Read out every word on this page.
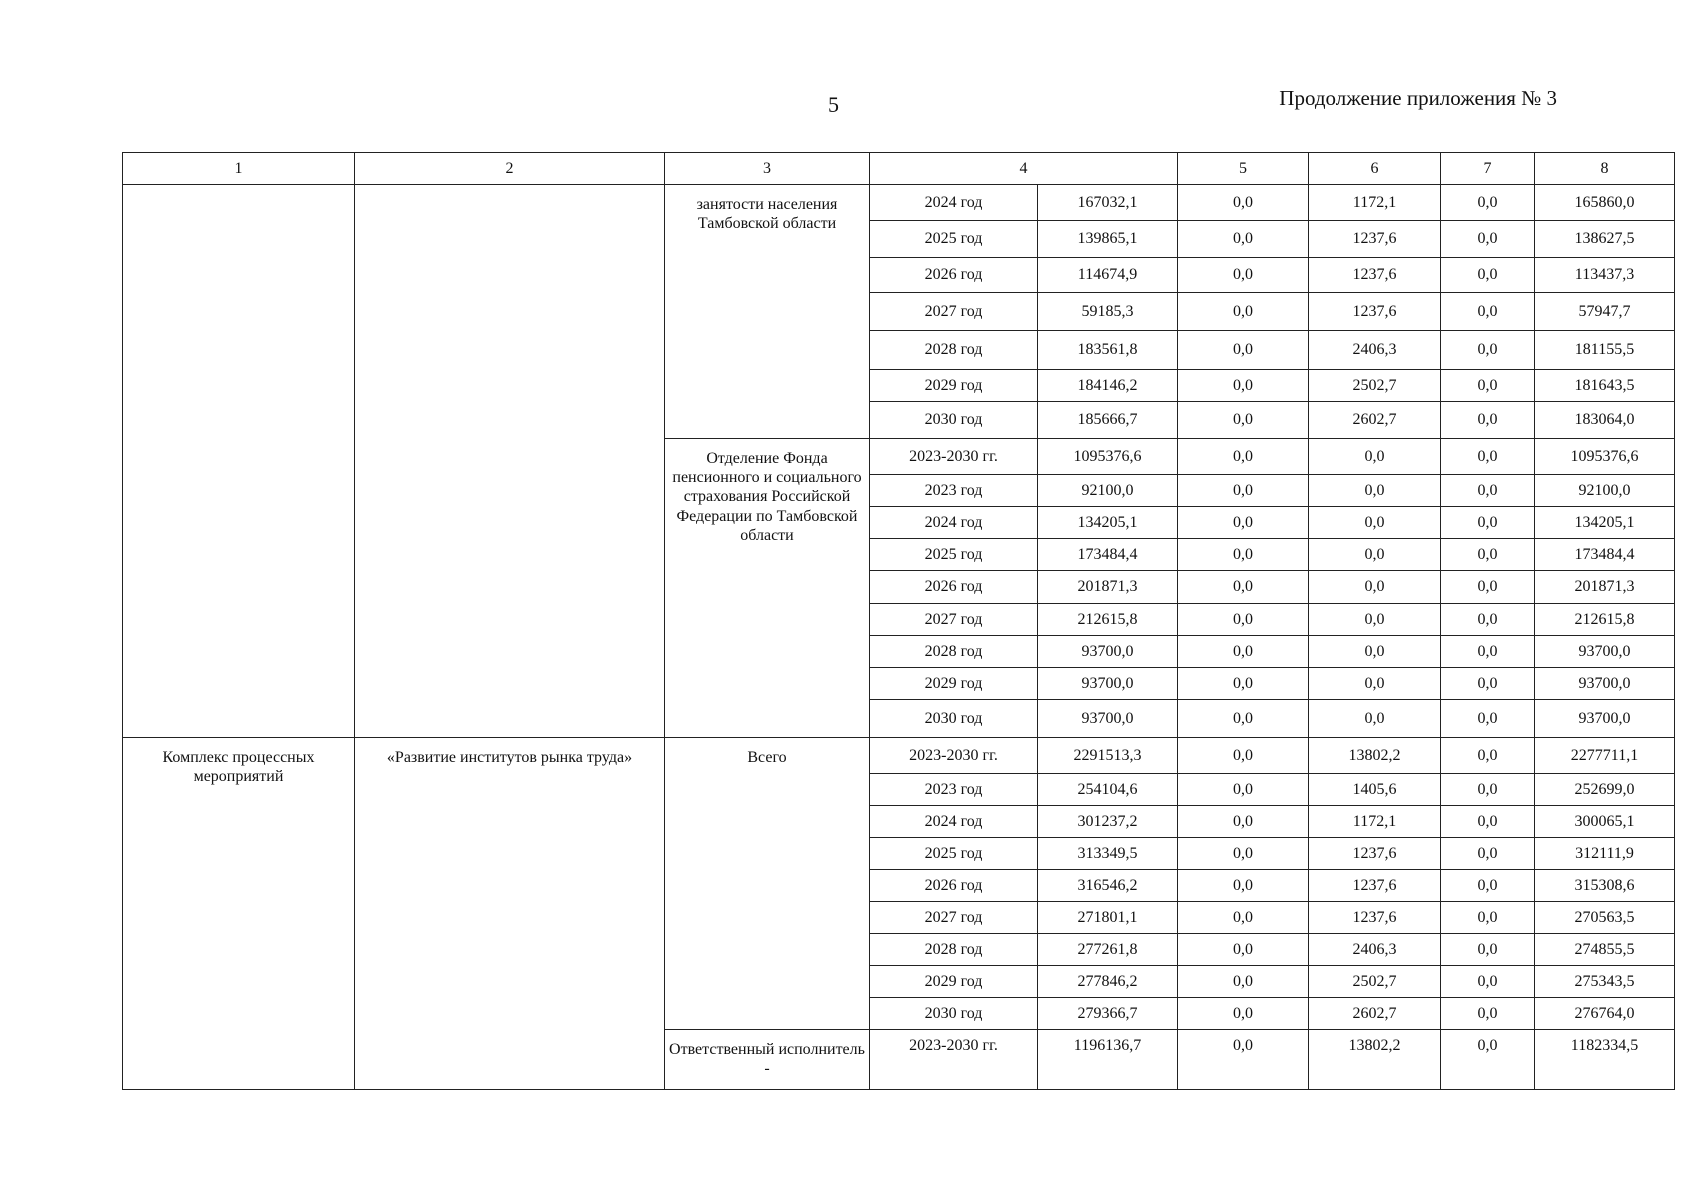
5	Продолжение приложения № 3
1	2	3	4		5	6	7	8
		занятости населения Тамбовской области	2024 год	167032,1	0,0	1172,1	0,0	165860,0
			2025 год	139865,1	0,0	1237,6	0,0	138627,5
			2026 год	114674,9	0,0	1237,6	0,0	113437,3
			2027 год	59185,3	0,0	1237,6	0,0	57947,7
			2028 год	183561,8	0,0	2406,3	0,0	181155,5
			2029 год	184146,2	0,0	2502,7	0,0	181643,5
			2030 год	185666,7	0,0	2602,7	0,0	183064,0
		Отделение Фонда пенсионного и социального страхования Российской Федерации по Тамбовской области	2023-2030 гг.	1095376,6	0,0	0,0	0,0	1095376,6
			2023 год	92100,0	0,0	0,0	0,0	92100,0
			2024 год	134205,1	0,0	0,0	0,0	134205,1
			2025 год	173484,4	0,0	0,0	0,0	173484,4
			2026 год	201871,3	0,0	0,0	0,0	201871,3
			2027 год	212615,8	0,0	0,0	0,0	212615,8
			2028 год	93700,0	0,0	0,0	0,0	93700,0
			2029 год	93700,0	0,0	0,0	0,0	93700,0
			2030 год	93700,0	0,0	0,0	0,0	93700,0
Комплекс процессных мероприятий	«Развитие институтов рынка труда»	Всего	2023-2030 гг.	2291513,3	0,0	13802,2	0,0	2277711,1
			2023 год	254104,6	0,0	1405,6	0,0	252699,0
			2024 год	301237,2	0,0	1172,1	0,0	300065,1
			2025 год	313349,5	0,0	1237,6	0,0	312111,9
			2026 год	316546,2	0,0	1237,6	0,0	315308,6
			2027 год	271801,1	0,0	1237,6	0,0	270563,5
			2028 год	277261,8	0,0	2406,3	0,0	274855,5
			2029 год	277846,2	0,0	2502,7	0,0	275343,5
			2030 год	279366,7	0,0	2602,7	0,0	276764,0
		Ответственный исполнитель -	2023-2030 гг.	1196136,7	0,0	13802,2	0,0	1182334,5
